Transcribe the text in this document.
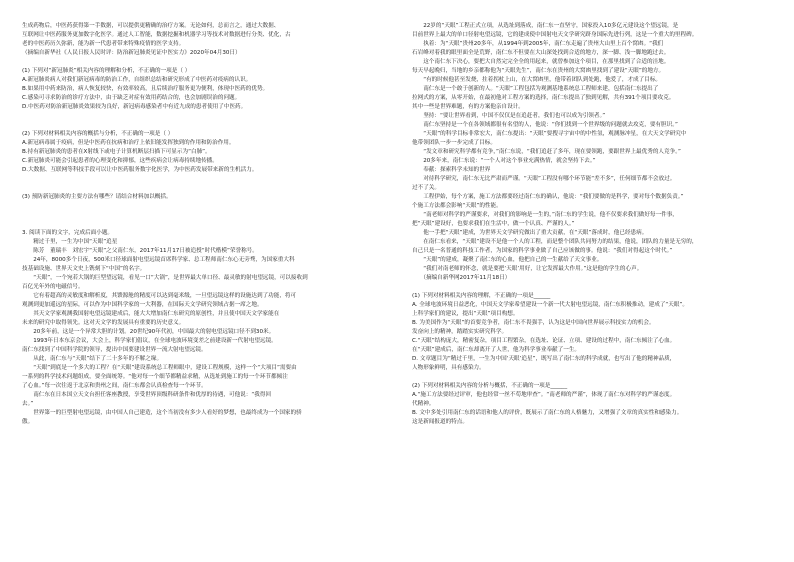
生成药物后，中医药获得第一手数据，可以提供更精确的治疗方案。无论如何，总而言之，通过大数据、
互联网让中医药服务更加数字化医学。通过人工智能，数据挖掘和机器学习等技术对数据进行分类、优化，古
老的中医药历久弥新，能为新一代患者带来特殊疫情的医学支持。
（摘编自新华社《人民日报人民时评：防治新冠肺炎见证中医实力》2020年04月30日）
(1) 下列对“新冠肺炎”相关内容的理解和分析，不正确的一项是（ ）
A.新冠肺炎病人对我们新冠病毒的防治工作，自组织总结和研究形成了中医药对疫病的认识。
B.如果用中药来防治，病人恢复较快，有效率较高，且后续治疗服务更为便利，体现中医药的优势。
C.感染可寻求防治的诊疗方法中，由于缺乏对症有效用药结合的，也会加剧误治的问题。
D.中医药对防治新冠肺炎效果较为良好，新冠病毒感染者中有近九成的患者使用了中医药。
(2) 下列对材料相关内容的概括与分析，不正确的一项是（ ）
A.新冠病毒属于疫病，但是中医药在抗病和治疗上依旧能发挥独到的作用和防治作用。
B.持有新冠肺炎的患者在X射线下或电子计算机断层扫描下可显示为“白肺”。
C.新冠肺炎可能会引起患者的心理变化和抑郁，这些疾病会让病毒持续地传播。
D.大数据、互联网等科技手段可以让中医药服务数字化医学，为中医药发展带来新的生机活力。
(3) 预防新冠肺炎的主要方法有哪些？请结合材料加以概括。
3. 阅读下面的文字，完成后面小题。
　　精过千里，一生为中国“天眼”追星
　　陈芳　董瑞丰　刘宏宇“天眼”之父南仁东，2017年11月17日被追授“时代楷模”荣誉称号。
　　24年，8000多个日夜，500米口径球面射电望远镜首席科学家、总工程师南仁东心无旁骛，为国家重大科
技基础设施、世界天文史上镌刻下“中国”的名字。
　　“天眼”，一个宛若大锅的巨型望远镜，看见一口“大锅”，是世界最大单口径、最灵敏的射电望远镜，可以接收到
百亿光年外的电磁信号。
　　它有着超高的灵敏度和解析度，其馈源舱的精度可以达到毫米级，一旦望远镜这样的设施达到了功能，将可
观测到更加遥远的星际，可以作为中国科学家的一大利器，在国际天文学研究领域占据一席之地。
　　其天文学家观测我国射电望远镜建成后，能大大增加南仁东研究的原创性，并且使中国天文学家能在
未来的研究中取得领先。这对天文学的发展具有重要的历史意义。
　　20多年前，这是一个异常大胆的计划。20世纪90年代初，中国最大的射电望远镜口径不到30米。
　　1993年日本东京会议，大会上，科学家们倡议，在全球电波环境变差之前建设新一代射电望远镜。
南仁东找到了中国科学院的领导，提出中国要建设世界一流大射电望远镜。
　　从此，南仁东与“天眼”结下了二十多年的不解之缘。
　　“天眼”到底是一个多大的工程？在“天眼”建设系统总工程师眼中，建设工程规模，这样一个“大项目”需要由
一系列的科学技术问题组成，要全面统筹。“他对每一个细节都精益求精，从选址到施工的每一个环节都倾注
了心血。”每一次往返于北京和贵州之间，南仁东都会认真检查每一个环节。
　　南仁东在日本国立天文台担任客座教授，享受世界顶级科研条件和优厚的待遇，可他说：“我得回
去。”
　　世界第一的巨型射电望远镜，由中国人自己建造，这个当初没有多少人看好的梦想，也最终成为一个国家的骄
傲。
　　22岁的“天眼”工程正式立项，从选址到落成，南仁东一直坚守，国家投入10多亿元建设这个望远镜，是
目前世界上最大的单口径射电望远镜，它的建成使中国射电天文学研究跻身国际先进行列，这是一个重大的里程碑。
　　执着：为“天眼”贵州20多年，从1994年到2005年，南仁东走遍了贵州大山里上百个窝凼。“我们
石岩峰对着我的眼里面全是荒野，南仁东不但要在大山深处找到合适的地方，深一脚、浅一脚地跑过去。
　　这个南仁东下决心，要把大自然完完全全的用起来，就曾参加这个项目，在那里找到了合适的洼地。
每天早起晚归，当地的乡亲都称他为“天眼先生”，南仁东在贵州的大窝凼里找到了建设“天眼”的地方。
　　“有的时候他甚至发烧，拄着拐杖上山，在大窝凼里，他带着团队到处跑，他爱了，才成了目标。
　　南仁东是一个敢于创新的人。“天眼”工程包括为观测基地系统总工程师来建，包括南仁东提出了
拉网式的方案，从零开始，在最初他对工程方案的选择，南仁东提出了独到见解，共有391个项目要攻克。
其中一些是世界难题，有的方案他亲自设计。
　　坚持：“要让世界看到，中国不仅仅是在追赶者，我们也可以成为引领者。”
　　南仁东坚持是一个在各领域都很有名望的人，他说：“你们找到一个世界级的问题就去攻克，要有胆识。”
　　“天眼”的科学目标非常宏大，南仁东提出：“天眼”要搜寻宇宙中的中性氢，观测脉冲星，在大天文学研究中
他带领团队一步一步完成了目标。
　　“发文章和研究科学都有竞争，”南仁东说，“我们追赶了多年，现在要领跑，要跟世界上最优秀的人竞争。”
　　20多年来，南仁东说：“一个人对这个事业充满热情，就会坚持下去。”
　　奉献：探索科学未知的世界
　　对待科学研究，南仁东无比严肃而严谨。“天眼”工程没有哪个环节能“差不多”，任何细节都不会放过。
过不了关。
　　工程伊始，每个方案，施工方法都要经过南仁东的确认，他说：“我们要做的是科学，要对每个数据负责。”
个施工方法都会影响“天眼”的性能。
　　“南老师对科学的严谨要求，对我们的影响是一生的，”南仁东的学生说，他不仅要求我们做好每一件事，
把“天眼”建设好，也要求我们在生活中，做一个认真、严谨的人。”
　　他一手把“天眼”建成，为世界天文学研究做出了重大贡献，在“天眼”落成时，他已经患病。
　　在南仁东看来，“天眼”建设不是他一个人的工程，而是整个团队共同努力的结果，他说，团队的力量是无穷的，
自己只是一名普通的科技工作者，为国家的科学事业做了自己应该做的事。他说：“我们对得起这个时代。”
　　“天眼”的建成，凝聚了南仁东的心血，他把自己的一生献给了天文事业。
　　“我们对南老师的怀念，就是要把‘天眼’用好，让它发挥最大作用。”这是他的学生的心声。
　　（摘编自新华网2017年11月18日）
(1) 下列对材料相关内容的理解，不正确的一项是______
A. 全球电波环境日益恶化，中国天文学家希望建设一个新一代大射电望远镜，南仁东积极推动，建成了“天眼”。
上科学家们的建议，提出“天眼”项目构想。
B. 为美国作为“天眼”的首要竞争者，南仁东不畏强手，认为这是中国向世界展示科技实力的机会。
发奋向上的精神，踏踏实实研究科学。
C.“天眼”结构庞大，精密复杂，项目工程繁杂，在选址、论证、立项、建设的过程中，南仁东倾注了心血。
在“天眼”建成后，南仁东却离开了人世，他为科学事业奉献了一生。
D. 文章题目为“精过千里，一生为中国‘天眼’追星”，既写出了南仁东的科学成就，也写出了他的精神品质，
人物形象鲜明，具有感染力。
(2) 下列对材料相关内容的分析与概括，不正确的一项是______
A.“施工方法要经过评审，他也经常一丝不苟地审查”。“南老师的严谨”，体现了南仁东对科学的严谨态度。
代精神。
B. 文中多处引用南仁东的话语和他人的评价，既展示了南仁东的人格魅力，又增强了文章的真实性和感染力。
这是新闻报道的特点。
